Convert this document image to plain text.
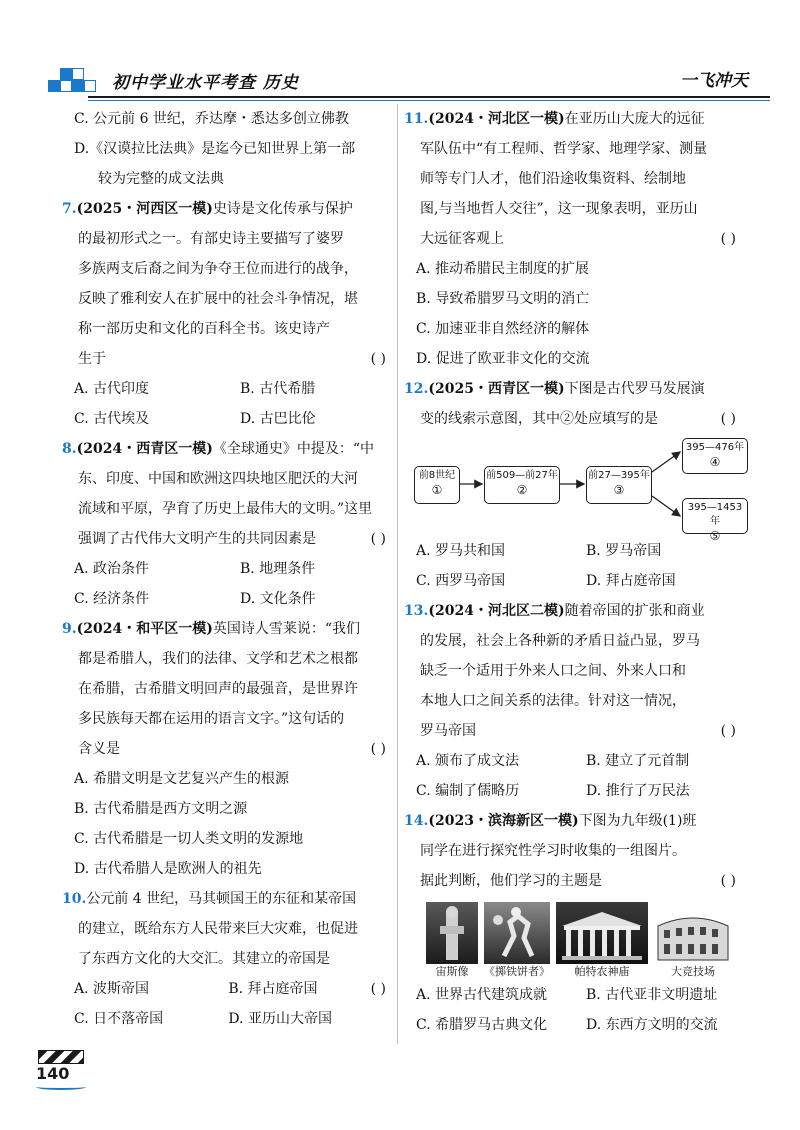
初中学业水平考查 历史	一飞冲天
C. 公元前 6 世纪，乔达摩・悉达多创立佛教
D.《汉谟拉比法典》是迄今已知世界上第一部
较为完整的成文法典
7.(2025・河西区一模)史诗是文化传承与保护
的最初形式之一。有部史诗主要描写了婆罗
多族两支后裔之间为争夺王位而进行的战争，
反映了雅利安人在扩展中的社会斗争情况，堪
称一部历史和文化的百科全书。该史诗产
生于	( )
A. 古代印度	B. 古代希腊
C. 古代埃及	D. 古巴比伦
8.(2024・西青区一模)《全球通史》中提及：“中
东、印度、中国和欧洲这四块地区肥沃的大河
流域和平原，孕育了历史上最伟大的文明。”这里
强调了古代伟大文明产生的共同因素是	( )
A. 政治条件	B. 地理条件
C. 经济条件	D. 文化条件
9.(2024・和平区一模)英国诗人雪莱说：“我们
都是希腊人，我们的法律、文学和艺术之根都
在希腊，古希腊文明回声的最强音，是世界许
多民族每天都在运用的语言文字。”这句话的
含义是	( )
A. 希腊文明是文艺复兴产生的根源
B. 古代希腊是西方文明之源
C. 古代希腊是一切人类文明的发源地
D. 古代希腊人是欧洲人的祖先
10.公元前 4 世纪，马其顿国王的东征和某帝国
的建立，既给东方人民带来巨大灾难，也促进
了东西方文化的大交汇。其建立的帝国是
( )
A. 波斯帝国	B. 拜占庭帝国
C. 日不落帝国	D. 亚历山大帝国
11.(2024・河北区一模)在亚历山大庞大的远征
军队伍中“有工程师、哲学家、地理学家、测量
师等专门人才，他们沿途收集资料、绘制地
图,与当地哲人交往”，这一现象表明，亚历山
大远征客观上	( )
A. 推动希腊民主制度的扩展
B. 导致希腊罗马文明的消亡
C. 加速亚非自然经济的解体
D. 促进了欧亚非文化的交流
12.(2025・西青区一模)下图是古代罗马发展演
变的线索示意图，其中②处应填写的是	( )
前8世纪
①
前509—前27年
②
前27—395年
③
395—476年
④
395—1453年
⑤
A. 罗马共和国	B. 罗马帝国
C. 西罗马帝国	D. 拜占庭帝国
13.(2024・河北区二模)随着帝国的扩张和商业
的发展，社会上各种新的矛盾日益凸显，罗马
缺乏一个适用于外来人口之间、外来人口和
本地人口之间关系的法律。针对这一情况，
罗马帝国	( )
A. 颁布了成文法	B. 建立了元首制
C. 编制了儒略历	D. 推行了万民法
14.(2023・滨海新区一模)下图为九年级(1)班
同学在进行探究性学习时收集的一组图片。
据此判断，他们学习的主题是	( )
宙斯像	《掷铁饼者》	帕特农神庙	大竞技场
A. 世界古代建筑成就	B. 古代亚非文明遗址
C. 希腊罗马古典文化	D. 东西方文明的交流
140
